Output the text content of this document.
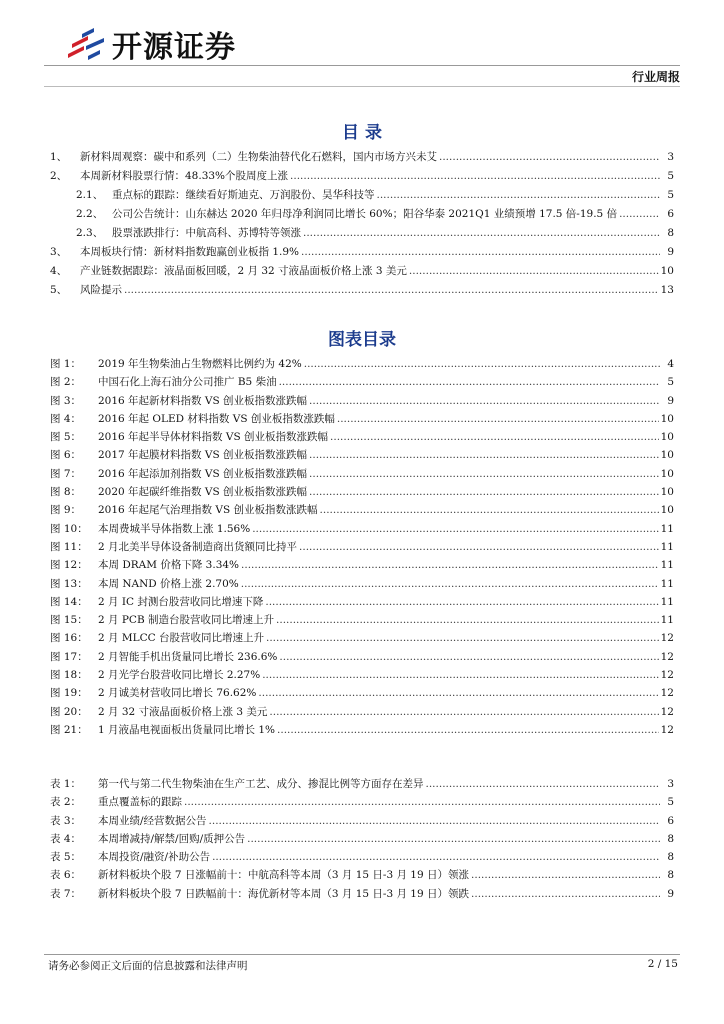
开源证券
行业周报
目 录
1、	新材料周观察：碳中和系列（二）生物柴油替代化石燃料，国内市场方兴未艾 .....	3
2、	本周新材料股票行情：48.33%个股周度上涨 .....	5
2.1、 重点标的跟踪：继续看好斯迪克、万润股份、昊华科技等 .....	5
2.2、 公司公告统计：山东赫达 2020 年归母净利润同比增长 60%；阳谷华泰 2021Q1 业绩预增 17.5 倍-19.5 倍 .....	6
2.3、 股票涨跌排行：中航高科、苏博特等领涨 .....	8
3、	本周板块行情：新材料指数跑赢创业板指 1.9% .....	9
4、	产业链数据跟踪：液晶面板回暖，2 月 32 寸液晶面板价格上涨 3 美元 .....	10
5、	风险提示 .....	13
图表目录
图 1：	2019 年生物柴油占生物燃料比例约为 42% .....	4
图 2：	中国石化上海石油分公司推广 B5 柴油 .....	5
图 3：	2016 年起新材料指数 VS 创业板指数涨跌幅 .....	9
图 4：	2016 年起 OLED 材料指数 VS 创业板指数涨跌幅 .....	10
图 5：	2016 年起半导体材料指数 VS 创业板指数涨跌幅 .....	10
图 6：	2017 年起膜材料指数 VS 创业板指数涨跌幅 .....	10
图 7：	2016 年起添加剂指数 VS 创业板指数涨跌幅 .....	10
图 8：	2020 年起碳纤维指数 VS 创业板指数涨跌幅 .....	10
图 9：	2016 年起尾气治理指数 VS 创业板指数涨跌幅 .....	10
图 10： 本周费城半导体指数上涨 1.56% .....	11
图 11： 2 月北美半导体设备制造商出货额同比持平 .....	11
图 12： 本周 DRAM 价格下降 3.34% .....	11
图 13： 本周 NAND 价格上涨 2.70% .....	11
图 14： 2 月 IC 封测台股营收同比增速下降 .....	11
图 15： 2 月 PCB 制造台股营收同比增速上升 .....	11
图 16： 2 月 MLCC 台股营收同比增速上升 .....	12
图 17： 2 月智能手机出货量同比增长 236.6% .....	12
图 18： 2 月光学台股营收同比增长 2.27% .....	12
图 19： 2 月诚美材营收同比增长 76.62% .....	12
图 20： 2 月 32 寸液晶面板价格上涨 3 美元 .....	12
图 21： 1 月液晶电视面板出货量同比增长 1% .....	12
表 1：	第一代与第二代生物柴油在生产工艺、成分、掺混比例等方面存在差异 .....	3
表 2：	重点覆盖标的跟踪 .....	5
表 3：	本周业绩/经营数据公告 .....	6
表 4：	本周增减持/解禁/回购/质押公告 .....	8
表 5：	本周投资/融资/补助公告 .....	8
表 6：	新材料板块个股 7 日涨幅前十：中航高科等本周（3 月 15 日-3 月 19 日）领涨 .....	8
表 7：	新材料板块个股 7 日跌幅前十：海优新材等本周（3 月 15 日-3 月 19 日）领跌 .....	9
请务必参阅正文后面的信息披露和法律声明	2 / 15
